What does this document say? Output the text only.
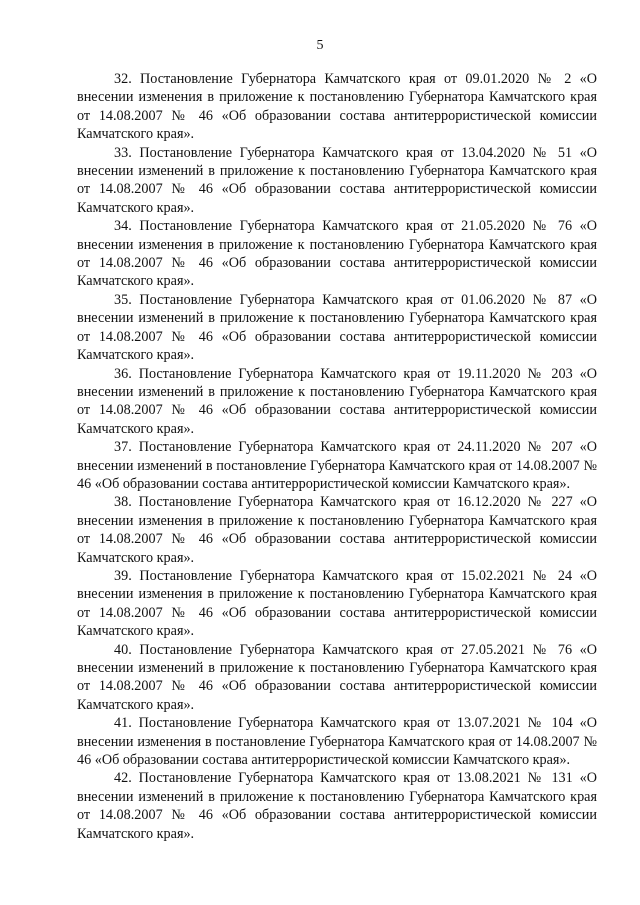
5

32. Постановление Губернатора Камчатского края от 09.01.2020 № 2 «О внесении изменения в приложение к постановлению Губернатора Камчатского края от 14.08.2007 № 46 «Об образовании состава антитеррористической комиссии Камчатского края».

33. Постановление Губернатора Камчатского края от 13.04.2020 № 51 «О внесении изменений в приложение к постановлению Губернатора Камчатского края от 14.08.2007 № 46 «Об образовании состава антитеррористической комиссии Камчатского края».

34. Постановление Губернатора Камчатского края от 21.05.2020 № 76 «О внесении изменения в приложение к постановлению Губернатора Камчатского края от 14.08.2007 № 46 «Об образовании состава антитеррористической комиссии Камчатского края».

35. Постановление Губернатора Камчатского края от 01.06.2020 № 87 «О внесении изменений в приложение к постановлению Губернатора Камчатского края от 14.08.2007 № 46 «Об образовании состава антитеррористической комиссии Камчатского края».

36. Постановление Губернатора Камчатского края от 19.11.2020 № 203 «О внесении изменений в приложение к постановлению Губернатора Камчатского края от 14.08.2007 № 46 «Об образовании состава антитеррористической комиссии Камчатского края».

37. Постановление Губернатора Камчатского края от 24.11.2020 № 207 «О внесении изменений в постановление Губернатора Камчатского края от 14.08.2007 № 46 «Об образовании состава антитеррористической комиссии Камчатского края».

38. Постановление Губернатора Камчатского края от 16.12.2020 № 227 «О внесении изменения в приложение к постановлению Губернатора Камчатского края от 14.08.2007 № 46 «Об образовании состава антитеррористической комиссии Камчатского края».

39. Постановление Губернатора Камчатского края от 15.02.2021 № 24 «О внесении изменения в приложение к постановлению Губернатора Камчатского края от 14.08.2007 № 46 «Об образовании состава антитеррористической комиссии Камчатского края».

40. Постановление Губернатора Камчатского края от 27.05.2021 № 76 «О внесении изменений в приложение к постановлению Губернатора Камчатского края от 14.08.2007 № 46 «Об образовании состава антитеррористической комиссии Камчатского края».

41. Постановление Губернатора Камчатского края от 13.07.2021 № 104 «О внесении изменения в постановление Губернатора Камчатского края от 14.08.2007 № 46 «Об образовании состава антитеррористической комиссии Камчатского края».

42. Постановление Губернатора Камчатского края от 13.08.2021 № 131 «О внесении изменений в приложение к постановлению Губернатора Камчатского края от 14.08.2007 № 46 «Об образовании состава антитеррористической комиссии Камчатского края».
